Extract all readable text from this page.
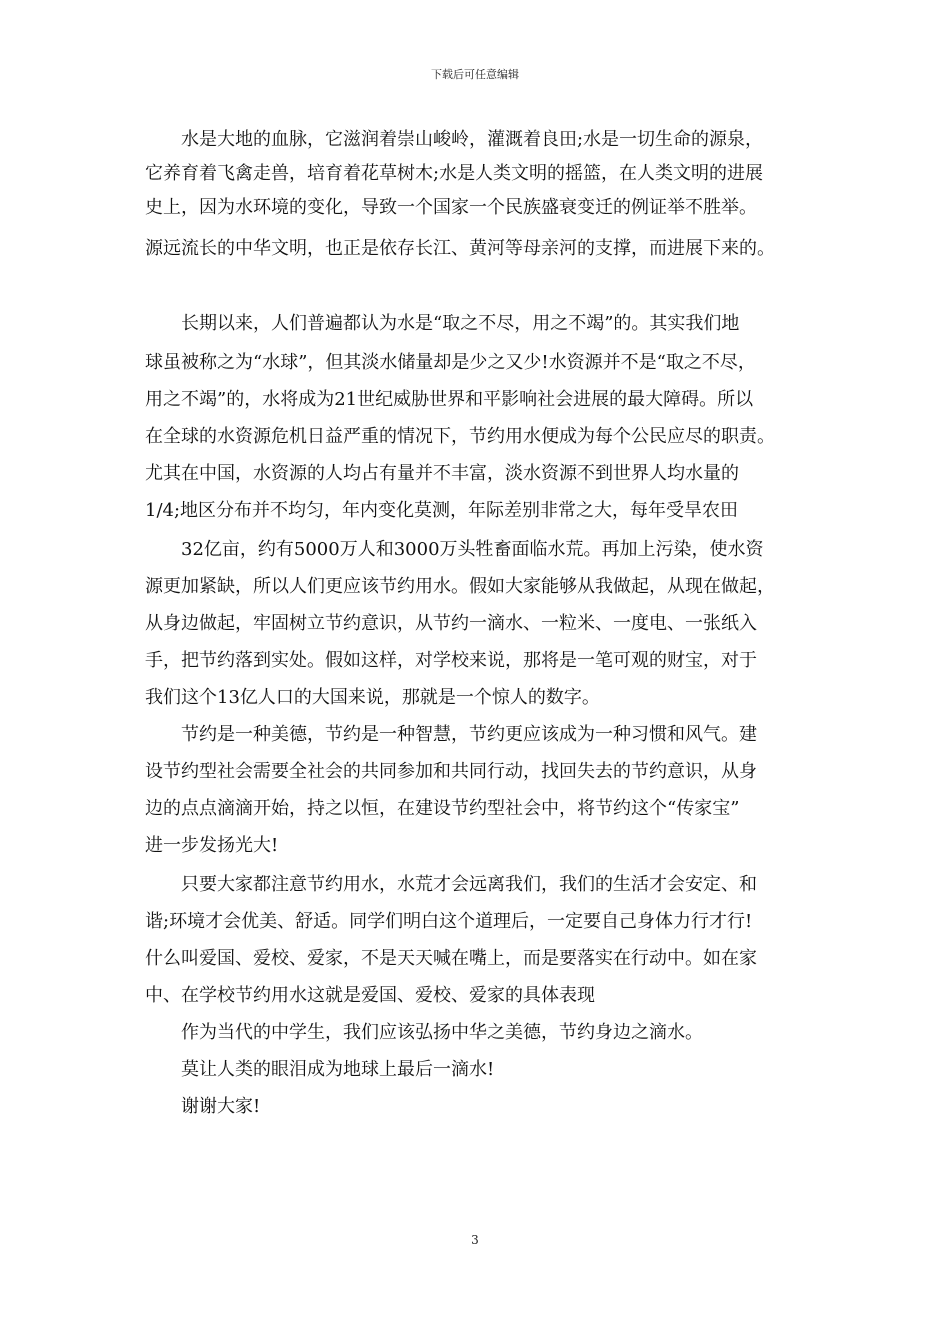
下载后可任意编辑
　　水是大地的血脉，它滋润着崇山峻岭，灌溉着良田;水是一切生命的源泉，
它养育着飞禽走兽，培育着花草树木;水是人类文明的摇篮，在人类文明的进展
史上，因为水环境的变化，导致一个国家一个民族盛衰变迁的例证举不胜举。
源远流长的中华文明，也正是依存长江、黄河等母亲河的支撑，而进展下来的。
　　长期以来，人们普遍都认为水是“取之不尽，用之不竭”的。其实我们地
球虽被称之为“水球”，但其淡水储量却是少之又少!水资源并不是“取之不尽，
用之不竭”的，水将成为21世纪威胁世界和平影响社会进展的最大障碍。所以
在全球的水资源危机日益严重的情况下，节约用水便成为每个公民应尽的职责。
尤其在中国，水资源的人均占有量并不丰富，淡水资源不到世界人均水量的
1/4;地区分布并不均匀，年内变化莫测，年际差别非常之大，每年受旱农田
　　32亿亩，约有5000万人和3000万头牲畜面临水荒。再加上污染，使水资
源更加紧缺，所以人们更应该节约用水。假如大家能够从我做起，从现在做起，
从身边做起，牢固树立节约意识，从节约一滴水、一粒米、一度电、一张纸入
手，把节约落到实处。假如这样，对学校来说，那将是一笔可观的财宝，对于
我们这个13亿人口的大国来说，那就是一个惊人的数字。
　　节约是一种美德，节约是一种智慧，节约更应该成为一种习惯和风气。建
设节约型社会需要全社会的共同参加和共同行动，找回失去的节约意识，从身
边的点点滴滴开始，持之以恒，在建设节约型社会中，将节约这个“传家宝”
进一步发扬光大!
　　只要大家都注意节约用水，水荒才会远离我们，我们的生活才会安定、和
谐;环境才会优美、舒适。同学们明白这个道理后，一定要自己身体力行才行!
什么叫爱国、爱校、爱家，不是天天喊在嘴上，而是要落实在行动中。如在家
中、在学校节约用水这就是爱国、爱校、爱家的具体表现
　　作为当代的中学生，我们应该弘扬中华之美德，节约身边之滴水。
　　莫让人类的眼泪成为地球上最后一滴水!
　　谢谢大家!
3
